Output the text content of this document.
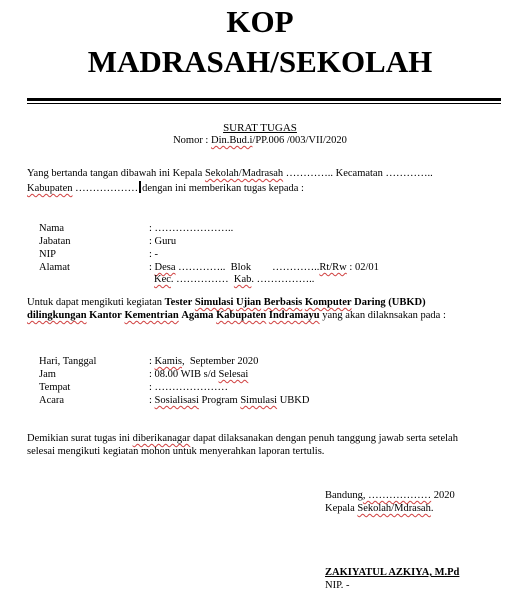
KOP
MADRASAH/SEKOLAH
SURAT TUGAS
Nomor : Din.Bud.i/PP.006 /003/VII/2020
Yang bertanda tangan dibawah ini Kepala Sekolah/Madrasah ………….. Kecamatan …………..
Kabupaten ……………… dengan ini memberikan tugas kepada :
Nama	: …………………..
Jabatan	: Guru
NIP	: -
Alamat	: Desa …………..  Blok        …………..Rt/Rw : 02/01
Kec. ……………  Kab. ……………..
Untuk dapat mengikuti kegiatan Tester Simulasi Ujian Berbasis Komputer Daring (UBKD)
dilingkungan Kantor Kementrian Agama Kabupaten Indramayu yang akan dilaknsakan pada :
Hari, Tanggal	: Kamis,  September 2020
Jam	: 08.00 WIB s/d Selesai
Tempat	: …………………
Acara	: Sosialisasi Program Simulasi UBKD
Demikian surat tugas ini diberikanagar dapat dilaksanakan dengan penuh tanggung jawab serta setelah
selesai mengikuti kegiatan mohon untuk menyerahkan laporan tertulis.
Bandung, ……………… 2020
Kepala Sekolah/Mdrasah.
ZAKIYATUL AZKIYA, M.Pd
NIP. -
